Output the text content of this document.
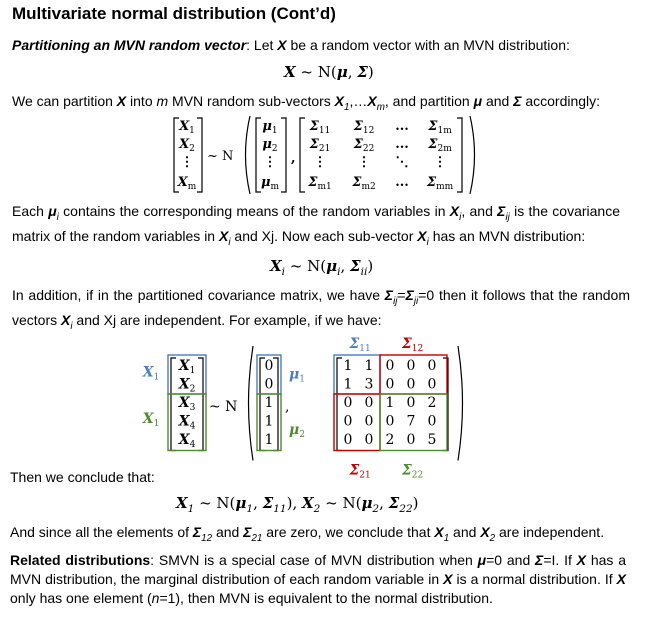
Multivariate normal distribution (Cont’d)
Partitioning an MVN random vector: Let X be a random vector with an MVN distribution:
X ~ N(μ, Σ)
We can partition X into m MVN random sub-vectors $X_1,\dots X_m$, and partition μ and Σ accordingly:
$X_1$
$X_2$
⋮
$X_m$
~ N
$\mu_1$
$\mu_2$
⋮
$\mu_m$
,
$\Sigma_{11}$ $\Sigma_{12}$ ... $\Sigma_{1m}$
$\Sigma_{21}$ $\Sigma_{22}$ ... $\Sigma_{2m}$
⋮ ⋮ ⋱ ⋮
$\Sigma_{m1}$ $\Sigma_{m2}$ ... $\Sigma_{mm}$
Each $\mu_i$ contains the corresponding means of the random variables in $X_i$, and $\Sigma_{ij}$ is the covariance matrix of the random variables in $X_i$ and Xj. Now each sub-vector $X_i$ has an MVN distribution:
$X_i$ ~ $N(\mu_i$, $\Sigma_{ii}$)
In addition, if in the partitioned covariance matrix, we have $\Sigma_{ij}=\Sigma_{ji}=0$ then it follows that the random vectors $X_i$ and Xj are independent. For example, if we have:
$X_1$
$X_2$
$X_3$
$X_4$
$X_4$
$X_1$
$X_1$
~ N
0
0
1
1
1
$\mu_1$
$\mu_2$
,
1 1 0 0 0
1 3 0 0 0
0 0 1 0 2
0 0 0 7 0
0 0 2 0 5
$\Sigma_{11}$ $\Sigma_{12}$
$\Sigma_{21}$ $\Sigma_{22}$
Then we conclude that:
$X_1$ ~ $N(\mu_1$, $\Sigma_{11}$), $X_2$ ~ $N(\mu_2$, $\Sigma_{22}$)
And since all the elements of $\Sigma_{12}$ and $\Sigma_{21}$ are zero, we conclude that $X_1$ and $X_2$ are independent.
Related distributions: SMVN is a special case of MVN distribution when μ=0 and Σ=I. If X has a MVN distribution, the marginal distribution of each random variable in X is a normal distribution. If X only has one element (n=1), then MVN is equivalent to the normal distribution.
